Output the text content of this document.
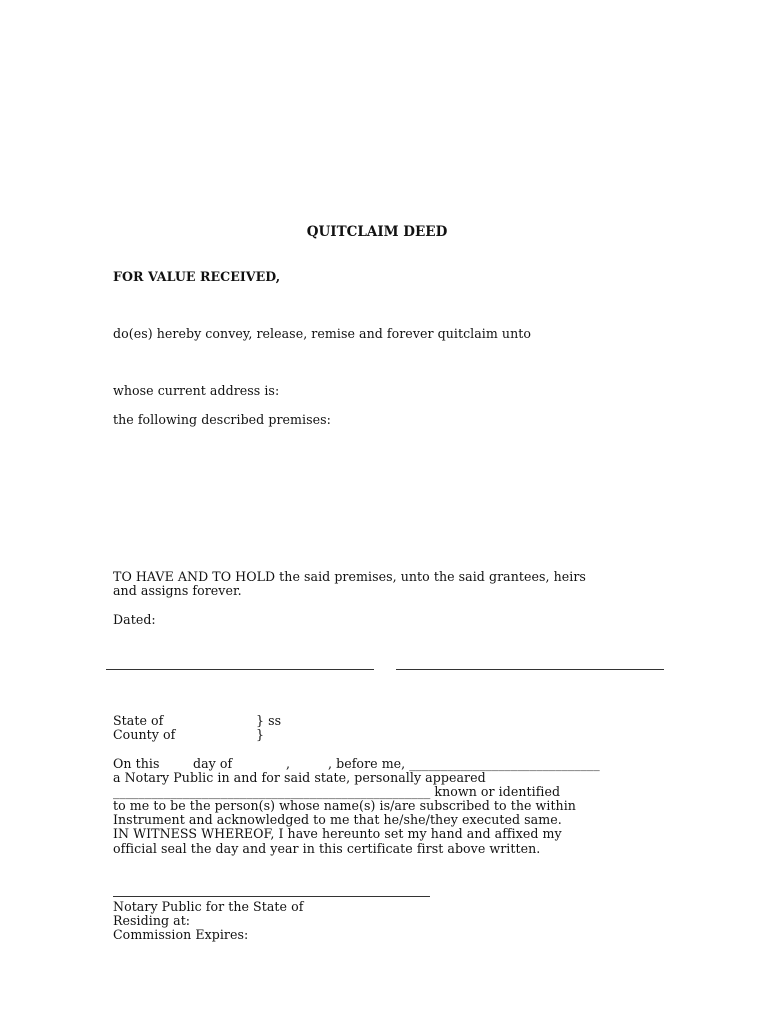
QUITCLAIM DEED
FOR VALUE RECEIVED,
do(es) hereby convey, release, remise and forever quitclaim unto
whose current address is:
the following described premises:
TO HAVE AND TO HOLD the said premises, unto the said grantees, heirs
and assigns forever.
Dated:
State of	} ss
County of	}
On this	day of	,	, before me, ______________________________
a Notary Public in and for said state, personally appeared
__________________________________________________ known or identified
to me to be the person(s) whose name(s) is/are subscribed to the within
Instrument and acknowledged to me that he/she/they executed same.
IN WITNESS WHEREOF, I have hereunto set my hand and affixed my
official seal the day and year in this certificate first above written.
Notary Public for the State of
Residing at:
Commission Expires:
